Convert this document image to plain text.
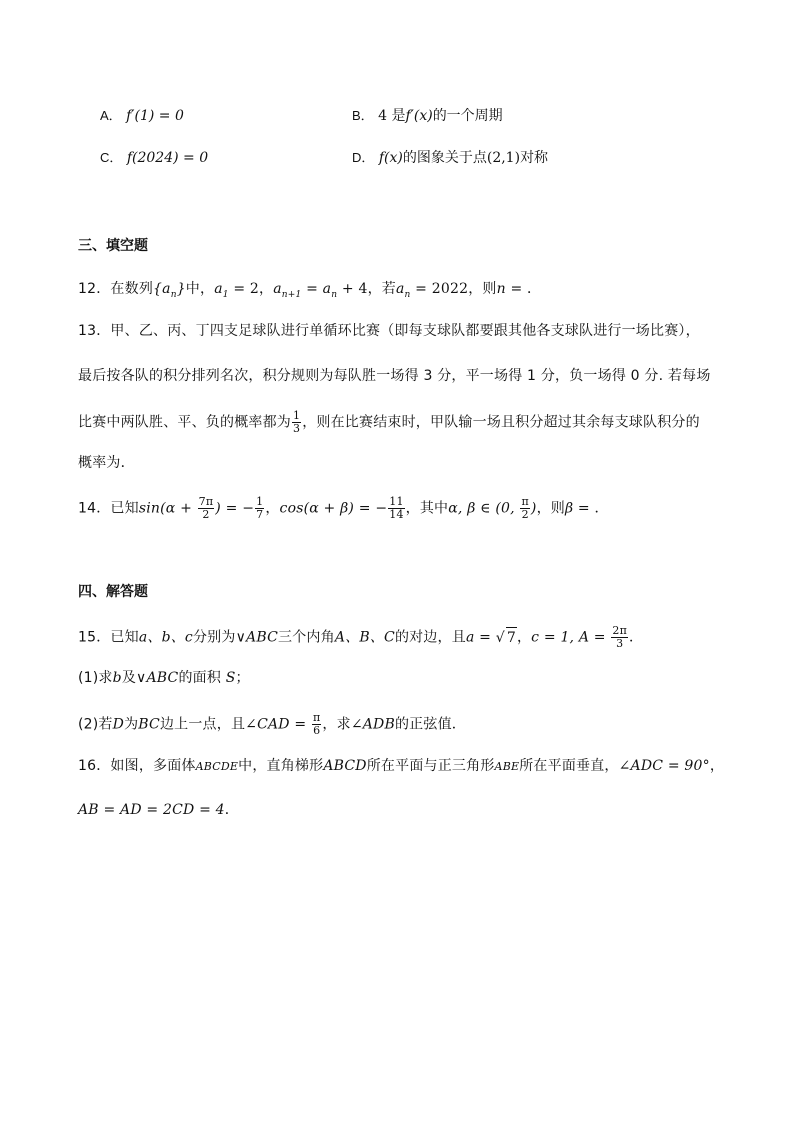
A． f′(1) = 0	B． 4 是f′(x)的一个周期
C． f(2024) = 0	D． f(x)的图象关于点(2,1)对称
三、填空题
12．在数列$\{a_n\}$中，$a_1 = 2$，$a_{n+1} = a_n + 4$，若$a_n = 2022$，则n = ．
13．甲、乙、丙、丁四支足球队进行单循环比赛（即每支球队都要跟其他各支球队进行一场比赛），
最后按各队的积分排列名次，积分规则为每队胜一场得 3 分，平一场得 1 分，负一场得 0 分. 若每场
比赛中两队胜、平、负的概率都为 $\frac{1}{3}$ ，则在比赛结束时，甲队输一场且积分超过其余每支球队积分的
概率为．
14．已知$\sin(\alpha + \frac{7\pi}{2}$ ) = − $\frac{1}{7}$ ，cos(α + β) = − $\frac{11}{14}$ ，其中α, β ∈ (0, $\frac{\pi}{2}$ )，则β = ．
四、解答题
15．已知a、b、c分别为∨ABC三个内角A、B、C的对边，且a = √ 7，c = 1, $A = \frac{2\pi}{3}$ ．
(1)求b及∨ABC的面积 S；
(2)若D为BC边上一点，且∠CAD = $\frac{\pi}{6}$ ，求∠ADB的正弦值．
16．如图，多面体ABCDE中，直角梯形ABCD所在平面与正三角形ABE所在平面垂直，∠ADC = 90°，
AB = AD = 2CD = 4．
